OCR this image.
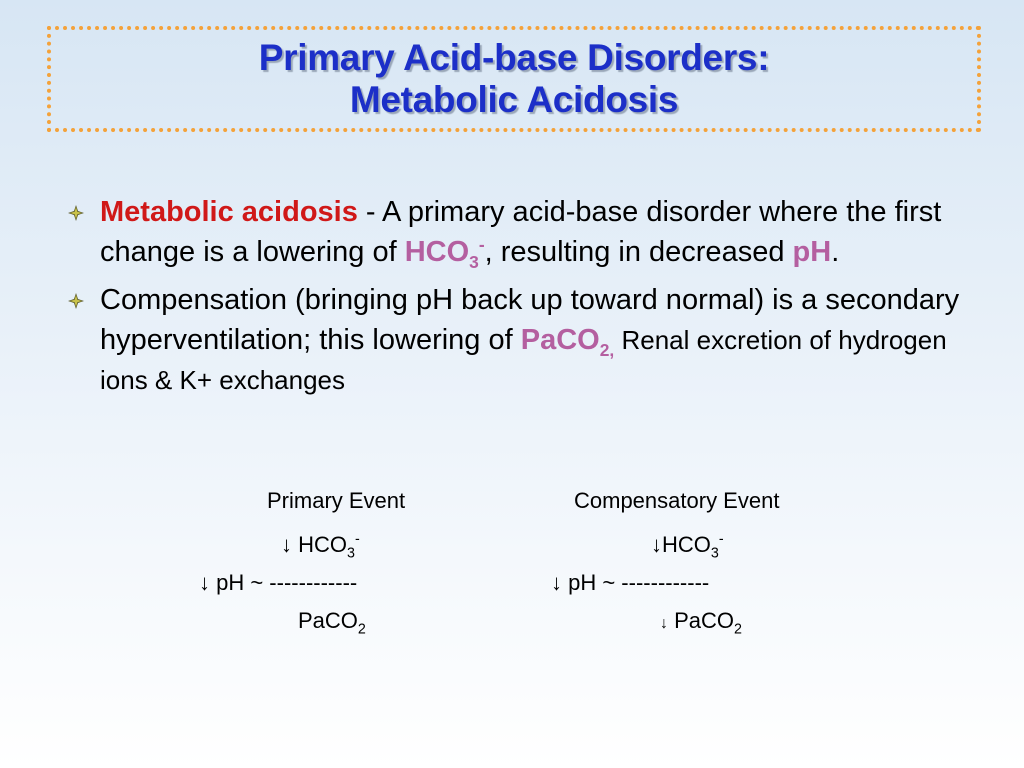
Primary Acid-base Disorders:
Metabolic Acidosis
Metabolic acidosis - A primary acid-base disorder where the first change is a lowering of $HCO_3^-$, resulting in decreased pH.
Compensation (bringing pH back up toward normal) is a secondary hyperventilation; this lowering of PaCO$_{2,}$ Renal excretion of hydrogen ions & K+ exchanges
Primary Event	Compensatory Event
↓ $HCO_3^-$	$↓HCO_3^-$
↓ pH ~ ------------	↓ pH ~ ------------
PaCO$_2$	↓ PaCO$_2$
